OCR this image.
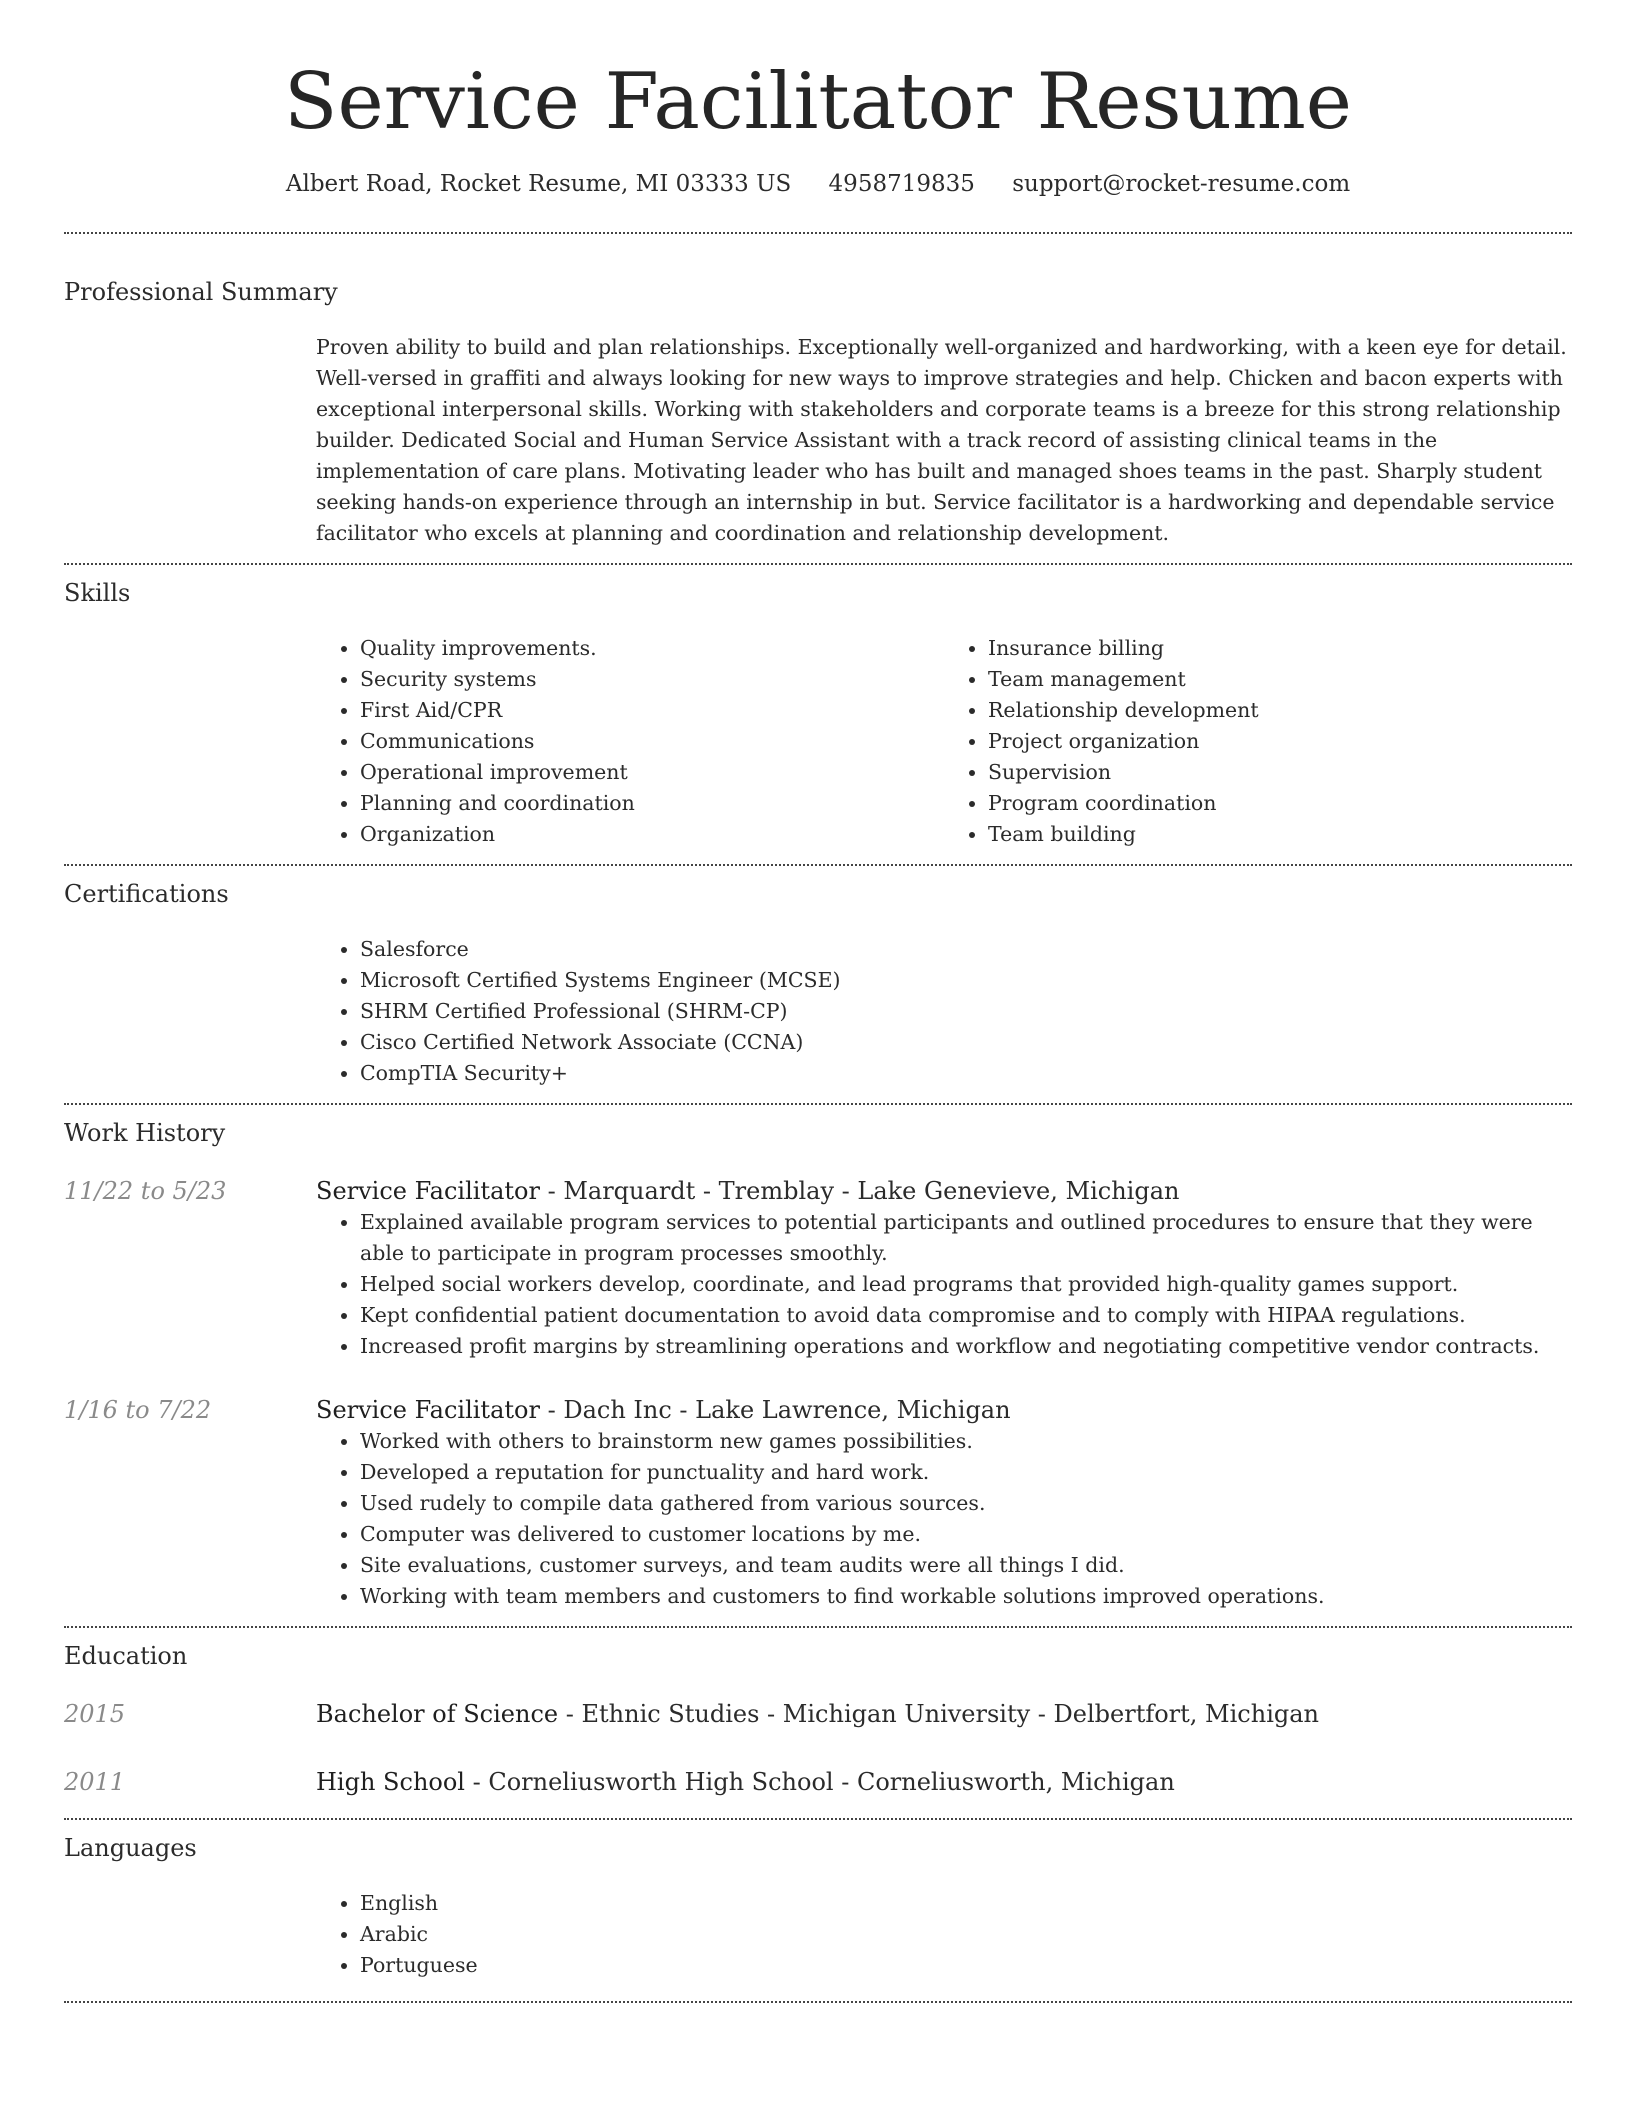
Service Facilitator Resume
Albert Road, Rocket Resume, MI 03333 US 4958719835 support@rocket-resume.com
Professional Summary

Proven ability to build and plan relationships. Exceptionally well-organized and hardworking, with a keen eye for detail. Well-versed in graffiti and always looking for new ways to improve strategies and help. Chicken and bacon experts with exceptional interpersonal skills. Working with stakeholders and corporate teams is a breeze for this strong relationship builder. Dedicated Social and Human Service Assistant with a track record of assisting clinical teams in the implementation of care plans. Motivating leader who has built and managed shoes teams in the past. Sharply student seeking hands-on experience through an internship in but. Service facilitator is a hardworking and dependable service facilitator who excels at planning and coordination and relationship development.

Skills
• Quality improvements.
• Security systems
• First Aid/CPR
• Communications
• Operational improvement
• Planning and coordination
• Organization
• Insurance billing
• Team management
• Relationship development
• Project organization
• Supervision
• Program coordination
• Team building
Certifications
• Salesforce
• Microsoft Certified Systems Engineer (MCSE)
• SHRM Certified Professional (SHRM-CP)
• Cisco Certified Network Associate (CCNA)
• CompTIA Security+
Work History
11/22 to 5/23	Service Facilitator - Marquardt - Tremblay - Lake Genevieve, Michigan
• Explained available program services to potential participants and outlined procedures to ensure that they were able to participate in program processes smoothly.
• Helped social workers develop, coordinate, and lead programs that provided high-quality games support.
• Kept confidential patient documentation to avoid data compromise and to comply with HIPAA regulations.
• Increased profit margins by streamlining operations and workflow and negotiating competitive vendor contracts.
1/16 to 7/22	Service Facilitator - Dach Inc - Lake Lawrence, Michigan
• Worked with others to brainstorm new games possibilities.
• Developed a reputation for punctuality and hard work.
• Used rudely to compile data gathered from various sources.
• Computer was delivered to customer locations by me.
• Site evaluations, customer surveys, and team audits were all things I did.
• Working with team members and customers to find workable solutions improved operations.
Education
2015	Bachelor of Science - Ethnic Studies - Michigan University - Delbertfort, Michigan
2011	High School - Corneliusworth High School - Corneliusworth, Michigan
Languages
• English
• Arabic
• Portuguese
